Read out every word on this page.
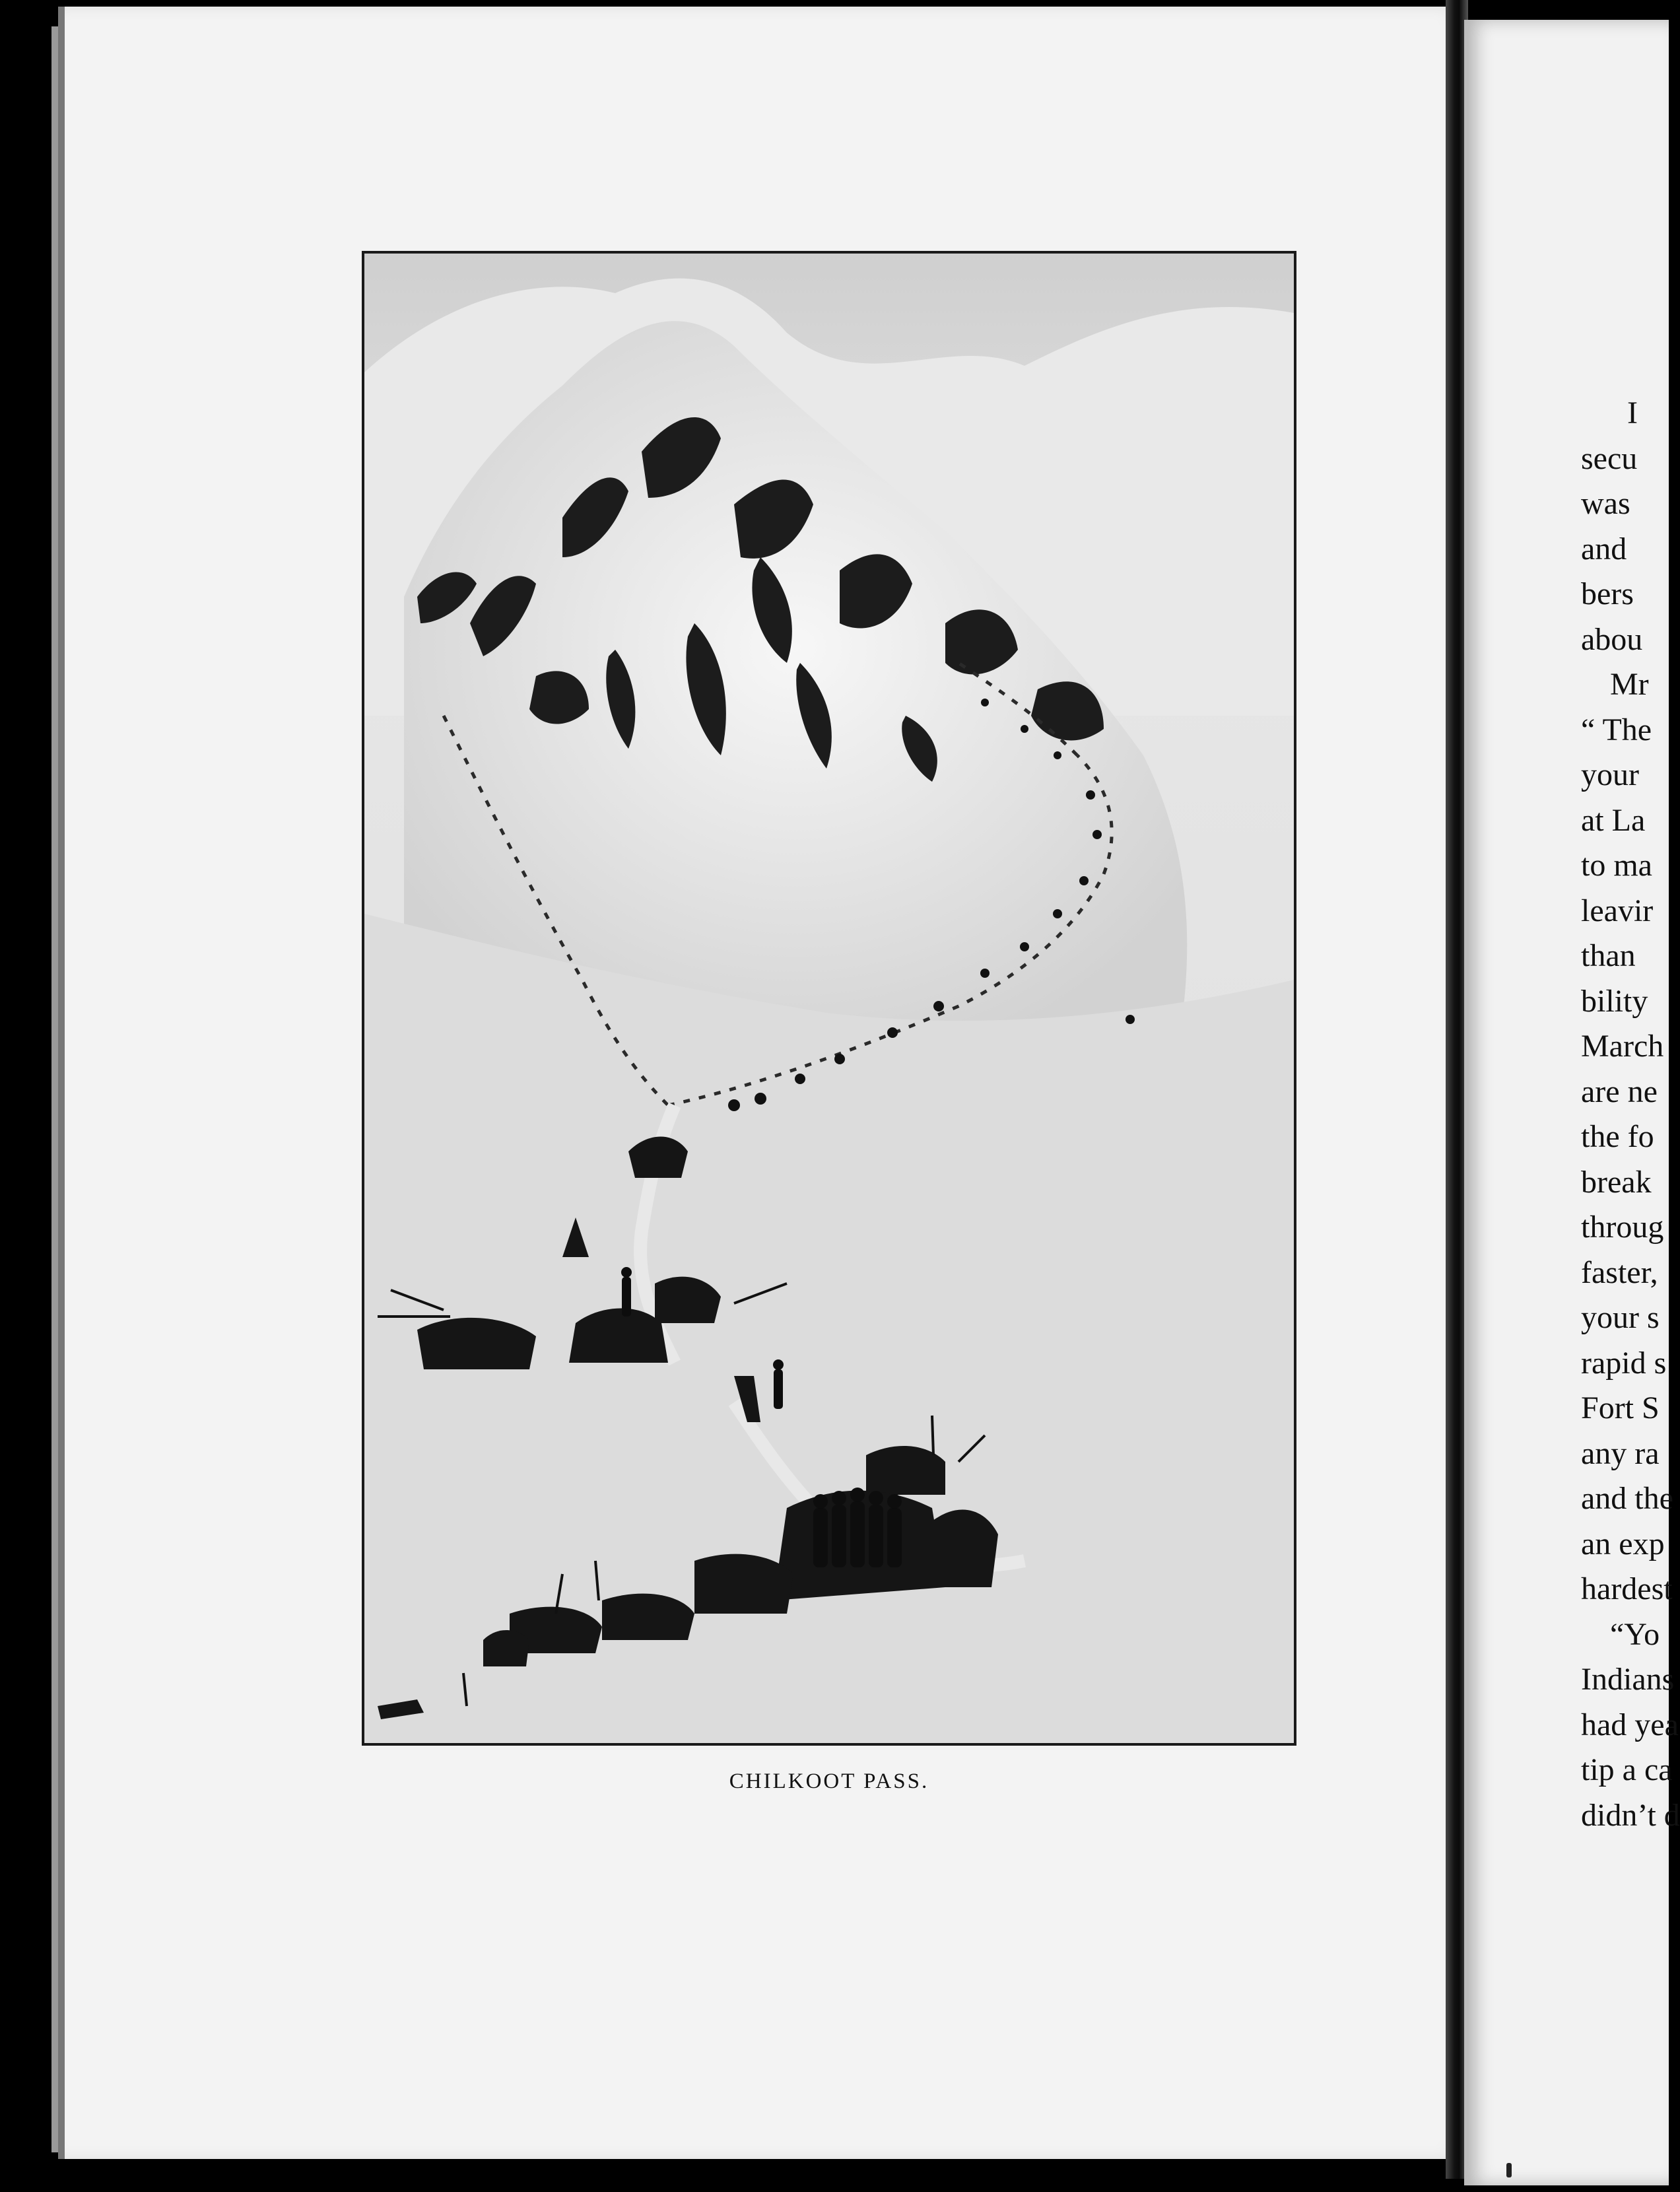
CHILKOOT PASS.
I
secu
was
and
bers
abou
Mr
“ The
your
at La
to ma
leavir
than
bility
March
are ne
the fo
break
throug
faster,
your s
rapid s
Fort S
any ra
and the
an exp
hardest
“Yo
Indians
had yea
tip a ca
didn’t d
